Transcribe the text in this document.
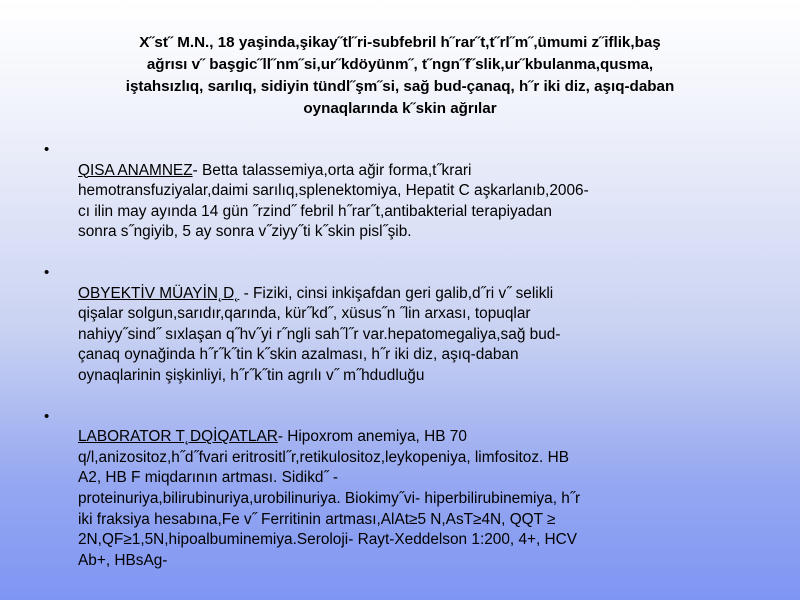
X˝st˝ M.N., 18 yaşinda,şikay˝tl˝ri-subfebril h˝rar˝t,t˝rl˝m˝,ümumi z˝iflik,baş
ağrısı v˝ başgic˝ll˝nm˝si,ur˝kdöyünm˝, t˝ngn˝f˝slik,ur˝kbulanma,qusma,
iştahsızlıq, sarılıq, sidiyin tündl˝şm˝si, sağ bud-çanaq, h˝r iki diz, aşıq-daban
oynaqlarında k˝skin ağrılar

•
QISA ANAMNEZ- Betta talassemiya,orta ağir forma,t˝krari
hemotransfuziyalar,daimi sarılıq,splenektomiya, Hepatit C aşkarlanıb,2006-
cı ilin may ayında 14 gün ˝rzind˝ febril h˝rar˝t,antibakterial terapiyadan
sonra s˝ngiyib, 5 ay sonra v˝ziyy˝ti k˝skin pisl˝şib.

•
OBYEKTİV MÜAYİN˛D˛ - Fiziki, cinsi inkişafdan geri galib,d˝ri v˝ selikli
qişalar solgun,sarıdır,qarında, kür˝kd˝, xüsus˝n ˝lin arxası, topuqlar
nahiyy˝sind˝ sıxlaşan q˝hv˝yi r˝ngli sah˝l˝r var.hepatomegaliya,sağ bud-
çanaq oynağinda h˝r˝k˝tin k˝skin azalması, h˝r iki diz, aşıq-daban
oynaqlarinin şişkinliyi, h˝r˝k˝tin agrılı v˝ m˝hdudluğu

•
LABORATOR T˛DQİQATLAR- Hipoxrom anemiya, HB 70
q/l,anizositoz,h˝d˝fvari eritrositl˝r,retikulositoz,leykopeniya, limfositoz. HB
A2, HB F miqdarının artması. Sidikd˝ -
proteinuriya,bilirubinuriya,urobilinuriya. Biokimy˝vi- hiperbilirubinemiya, h˝r
iki fraksiya hesabına,Fe v˝ Ferritinin artması,AlAt≥5 N,AsT≥4N, QQT ≥
2N,QF≥1,5N,hipoalbuminemiya.Seroloji- Rayt-Xeddelson 1:200, 4+, HCV
Ab+, HBsAg-
